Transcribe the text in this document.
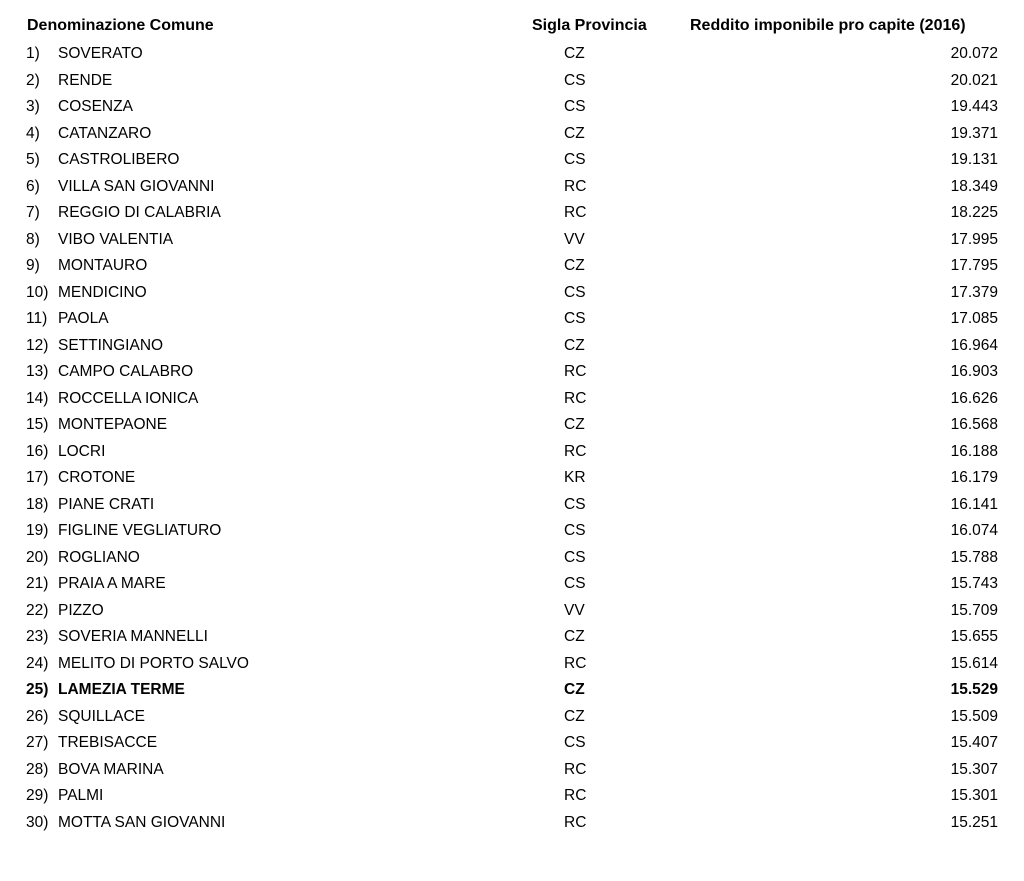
Denominazione Comune	Sigla Provincia	Reddito imponibile pro capite (2016)
1) SOVERATO	CZ	20.072
2) RENDE	CS	20.021
3) COSENZA	CS	19.443
4) CATANZARO	CZ	19.371
5) CASTROLIBERO	CS	19.131
6) VILLA SAN GIOVANNI	RC	18.349
7) REGGIO DI CALABRIA	RC	18.225
8) VIBO VALENTIA	VV	17.995
9) MONTAURO	CZ	17.795
10) MENDICINO	CS	17.379
11) PAOLA	CS	17.085
12) SETTINGIANO	CZ	16.964
13) CAMPO CALABRO	RC	16.903
14) ROCCELLA IONICA	RC	16.626
15) MONTEPAONE	CZ	16.568
16) LOCRI	RC	16.188
17) CROTONE	KR	16.179
18) PIANE CRATI	CS	16.141
19) FIGLINE VEGLIATURO	CS	16.074
20) ROGLIANO	CS	15.788
21) PRAIA A MARE	CS	15.743
22) PIZZO	VV	15.709
23) SOVERIA MANNELLI	CZ	15.655
24) MELITO DI PORTO SALVO	RC	15.614
25) LAMEZIA TERME	CZ	15.529
26) SQUILLACE	CZ	15.509
27) TREBISACCE	CS	15.407
28) BOVA MARINA	RC	15.307
29) PALMI	RC	15.301
30) MOTTA SAN GIOVANNI	RC	15.251
